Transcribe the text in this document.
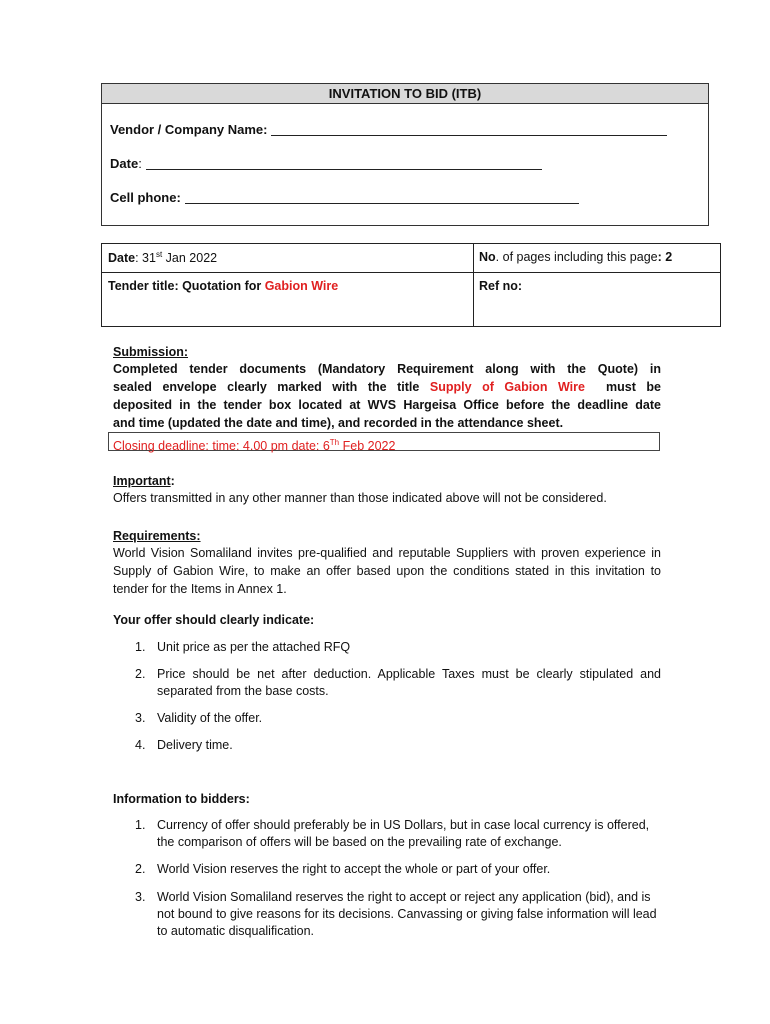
INVITATION TO BID (ITB)
Vendor / Company Name:
Date:
Cell phone:
Date: 31st Jan 2022	No. of pages including this page: 2
Tender title: Quotation for Gabion Wire	Ref no:
Submission:
Completed tender documents (Mandatory Requirement along with the Quote) in
sealed envelope clearly marked with the title Supply of Gabion Wire  must be
deposited in the tender box located at WVS Hargeisa Office before the deadline date
and time (updated the date and time), and recorded in the attendance sheet.
Closing deadline: time: 4.00 pm date: 6Th Feb 2022
Important:
Offers transmitted in any other manner than those indicated above will not be considered.
Requirements:
World Vision Somaliland invites pre-qualified and reputable Suppliers with proven experience in
Supply of Gabion Wire, to make an offer based upon the conditions stated in this invitation to
tender for the Items in Annex 1.
Your offer should clearly indicate:
1. Unit price as per the attached RFQ
2. Price should be net after deduction. Applicable Taxes must be clearly stipulated and separated from the base costs.
3. Validity of the offer.
4. Delivery time.
Information to bidders:
1. Currency of offer should preferably be in US Dollars, but in case local currency is offered, the comparison of offers will be based on the prevailing rate of exchange.
2. World Vision reserves the right to accept the whole or part of your offer.
3. World Vision Somaliland reserves the right to accept or reject any application (bid), and is not bound to give reasons for its decisions. Canvassing or giving false information will lead to automatic disqualification.
